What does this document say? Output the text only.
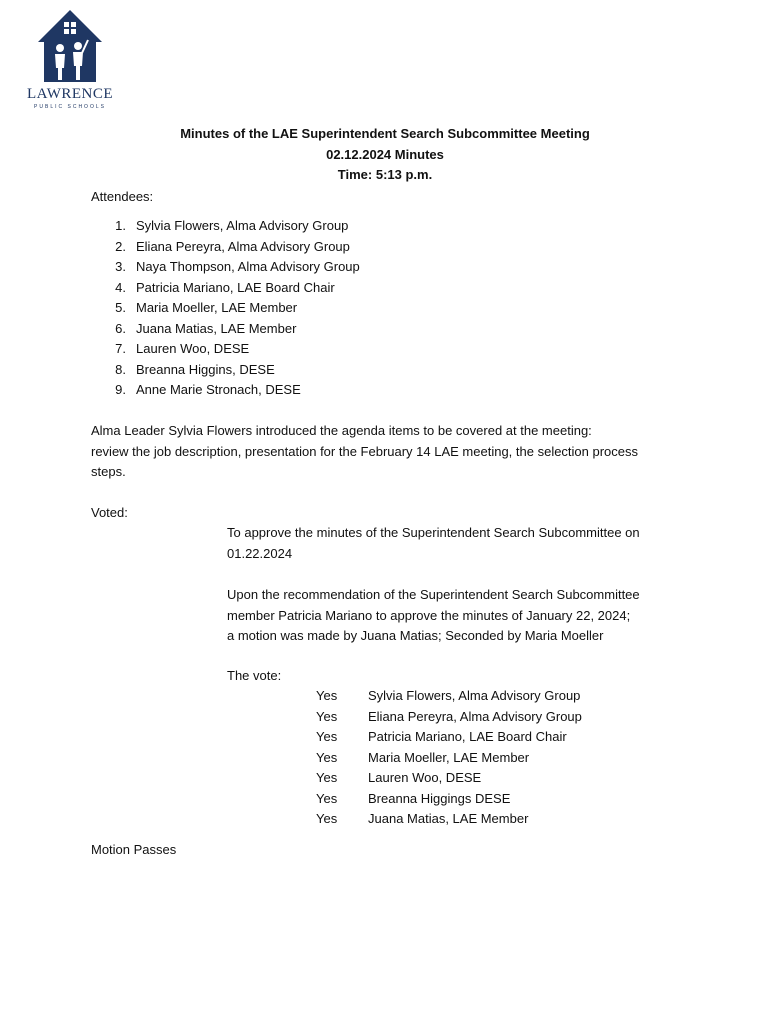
LAWRENCE
PUBLIC SCHOOLS
Minutes of the LAE Superintendent Search Subcommittee Meeting
02.12.2024 Minutes
Time: 5:13 p.m.
Attendees:
1. Sylvia Flowers, Alma Advisory Group
2. Eliana Pereyra, Alma Advisory Group
3. Naya Thompson, Alma Advisory Group
4. Patricia Mariano, LAE Board Chair
5. Maria Moeller, LAE Member
6. Juana Matias, LAE Member
7. Lauren Woo, DESE
8. Breanna Higgins, DESE
9. Anne Marie Stronach, DESE
Alma Leader Sylvia Flowers introduced the agenda items to be covered at the meeting:
review the job description, presentation for the February 14 LAE meeting, the selection process
steps.
Voted:
To approve the minutes of the Superintendent Search Subcommittee on
01.22.2024
Upon the recommendation of the Superintendent Search Subcommittee
member Patricia Mariano to approve the minutes of January 22, 2024;
a motion was made by Juana Matias; Seconded by Maria Moeller
The vote:
Yes	Sylvia Flowers, Alma Advisory Group
Yes	Eliana Pereyra, Alma Advisory Group
Yes	Patricia Mariano, LAE Board Chair
Yes	Maria Moeller, LAE Member
Yes	Lauren Woo, DESE
Yes	Breanna Higgings DESE
Yes	Juana Matias, LAE Member
Motion Passes
